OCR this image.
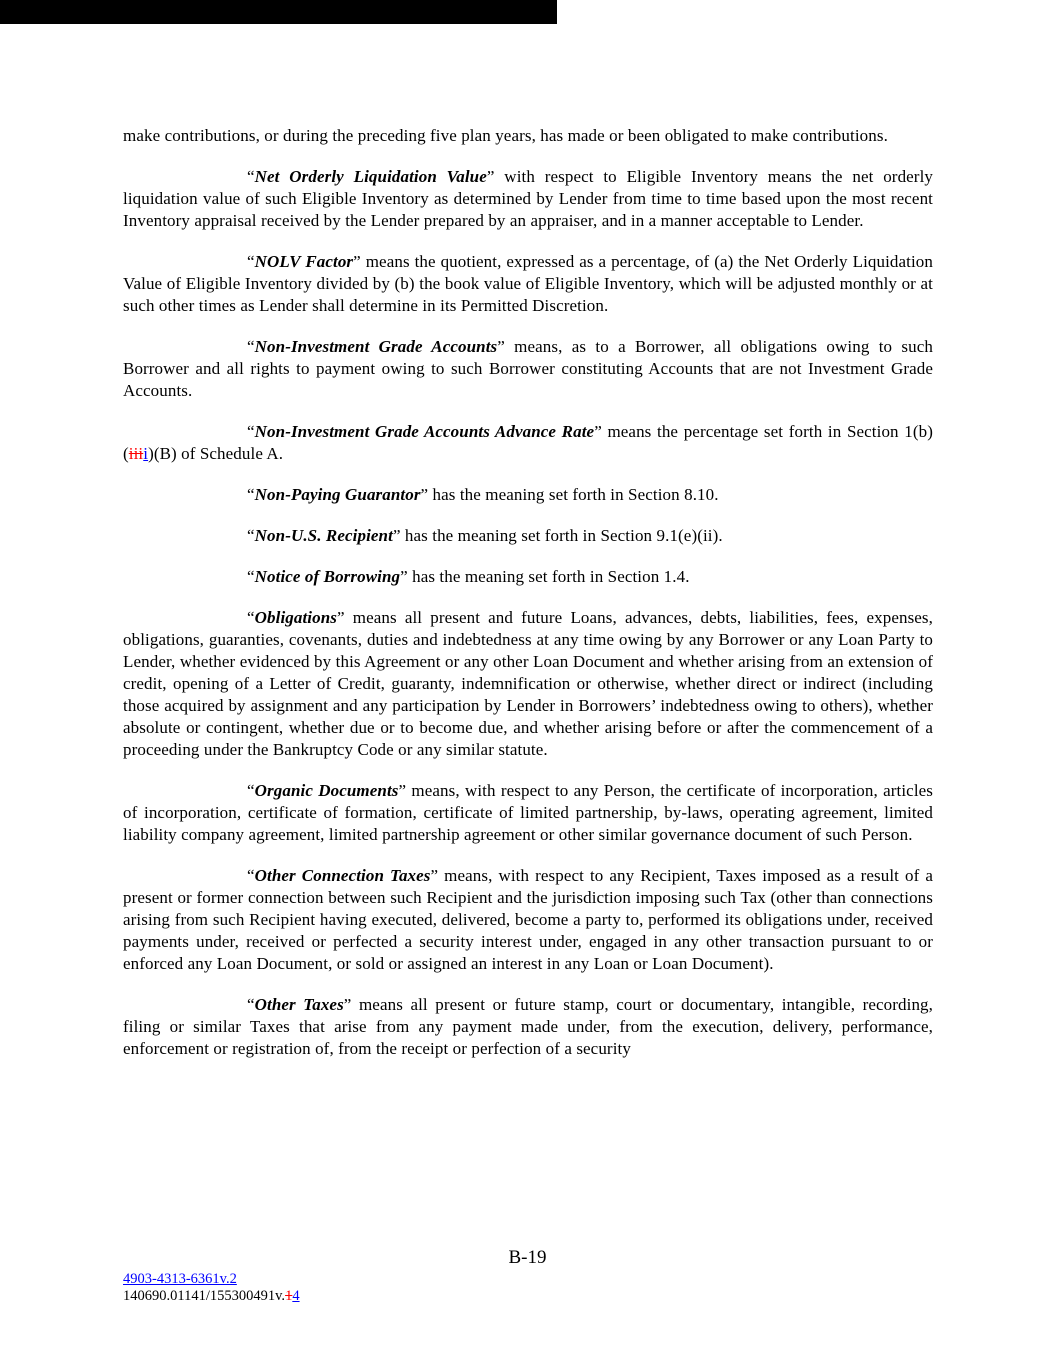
make contributions, or during the preceding five plan years, has made or been obligated to make contributions.

“Net Orderly Liquidation Value” with respect to Eligible Inventory means the net orderly liquidation value of such Eligible Inventory as determined by Lender from time to time based upon the most recent Inventory appraisal received by the Lender prepared by an appraiser, and in a manner acceptable to Lender.

“NOLV Factor” means the quotient, expressed as a percentage, of (a) the Net Orderly Liquidation Value of Eligible Inventory divided by (b) the book value of Eligible Inventory, which will be adjusted monthly or at such other times as Lender shall determine in its Permitted Discretion.

“Non-Investment Grade Accounts” means, as to a Borrower, all obligations owing to such Borrower and all rights to payment owing to such Borrower constituting Accounts that are not Investment Grade Accounts.

“Non-Investment Grade Accounts Advance Rate” means the percentage set forth in Section 1(b)(iiii)(B) of Schedule A.

“Non-Paying Guarantor” has the meaning set forth in Section 8.10.

“Non-U.S. Recipient” has the meaning set forth in Section 9.1(e)(ii).

“Notice of Borrowing” has the meaning set forth in Section 1.4.

“Obligations” means all present and future Loans, advances, debts, liabilities, fees, expenses, obligations, guaranties, covenants, duties and indebtedness at any time owing by any Borrower or any Loan Party to Lender, whether evidenced by this Agreement or any other Loan Document and whether arising from an extension of credit, opening of a Letter of Credit, guaranty, indemnification or otherwise, whether direct or indirect (including those acquired by assignment and any participation by Lender in Borrowers’ indebtedness owing to others), whether absolute or contingent, whether due or to become due, and whether arising before or after the commencement of a proceeding under the Bankruptcy Code or any similar statute.

“Organic Documents” means, with respect to any Person, the certificate of incorporation, articles of incorporation, certificate of formation, certificate of limited partnership, by-laws, operating agreement, limited liability company agreement, limited partnership agreement or other similar governance document of such Person.

“Other Connection Taxes” means, with respect to any Recipient, Taxes imposed as a result of a present or former connection between such Recipient and the jurisdiction imposing such Tax (other than connections arising from such Recipient having executed, delivered, become a party to, performed its obligations under, received payments under, received or perfected a security interest under, engaged in any other transaction pursuant to or enforced any Loan Document, or sold or assigned an interest in any Loan or Loan Document).

“Other Taxes” means all present or future stamp, court or documentary, intangible, recording, filing or similar Taxes that arise from any payment made under, from the execution, delivery, performance, enforcement or registration of, from the receipt or perfection of a security

B-19
4903-4313-6361v.2
140690.01141/155300491v.14
